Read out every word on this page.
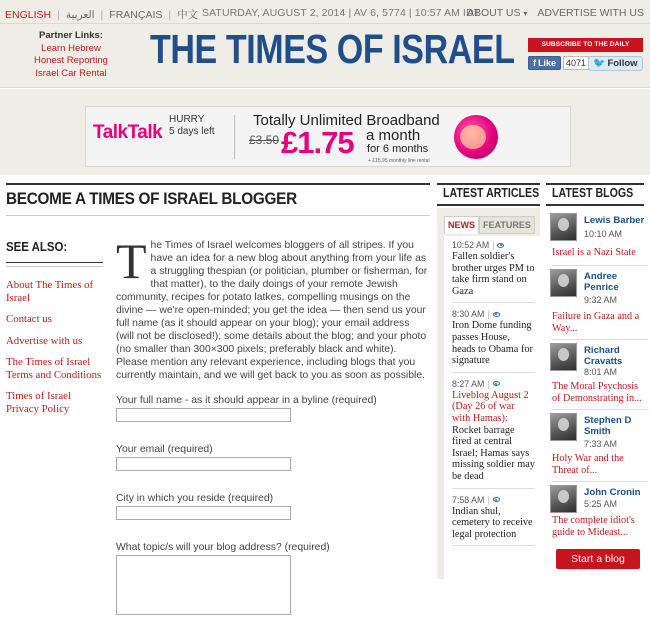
ENGLISH | العربية | FRANÇAIS | 中文 SATURDAY, AUGUST 2, 2014 | AV 6, 5774 | 10:57 AM IDT
ABOUT US ▾ ADVERTISE WITH US
Partner Links:
Learn Hebrew
Honest Reporting
Israel Car Rental
THE TIMES OF ISRAEL	SUBSCRIBE TO THE DAILY
f Like	4071 🐦 Follow
TalkTalk
HURRY
5 days left
Totally Unlimited Broadband
£3.50 £1.75 a month
for 6 months
+ £15.95 monthly line rental
BECOME A TIMES OF ISRAEL BLOGGER
SEE ALSO:
About The Times of Israel
Contact us
Advertise with us
The Times of Israel Terms and Conditions
Times of Israel Privacy Policy
The Times of Israel welcomes bloggers of all stripes. If you have an idea for a new blog about anything from your life as a struggling thespian (or politician, plumber or fisherman, for that matter), to the daily doings of your remote Jewish community, recipes for potato latkes, compelling musings on the divine — we're open-minded; you get the idea — then send us your full name (as it should appear on your blog); your email address (will not be disclosed!); some details about the blog; and your photo (no smaller than 300×300 pixels; preferably black and white). Please mention any relevant experience, including blogs that you currently maintain, and we will get back to you as soon as possible.
Your full name - as it should appear in a byline (required)
Your email (required)
City in which you reside (required)
What topic/s will your blog address? (required)
LATEST ARTICLES
NEWS FEATURES
10:52 AM |
Fallen soldier's brother urges PM to take firm stand on Gaza
8:30 AM |
Iron Dome funding passes House, heads to Obama for signature
8:27 AM |
Liveblog August 2 (Day 26 of war with Hamas): Rocket barrage fired at central Israel; Hamas says missing soldier may be dead
7:58 AM |
Indian shul, cemetery to receive legal protection
LATEST BLOGS
Lewis Barber
10:10 AM
Israel is a Nazi State
Andree Penrice
9:32 AM
Failure in Gaza and a Way...
Richard Cravatts
8:01 AM
The Moral Psychosis of Demonstrating in...
Stephen D Smith
7:33 AM
Holy War and the Threat of...
John Cronin
5:25 AM
The complete idiot's guide to Mideast...
Start a blog
